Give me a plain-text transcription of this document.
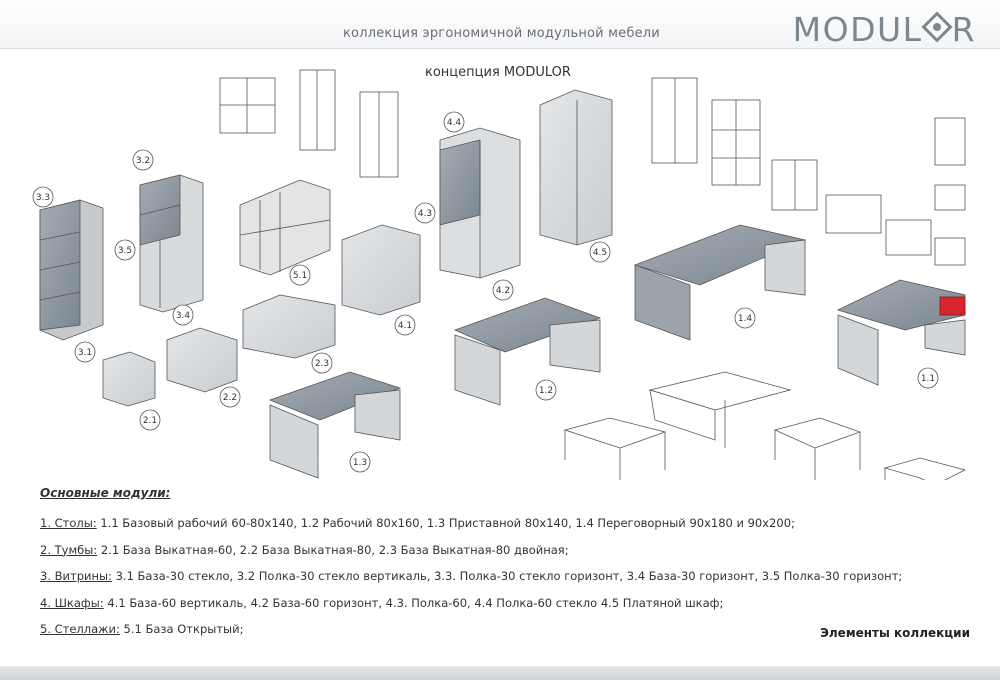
коллекция эргономичной модульной мебели	MODUL R
концепция MODULOR
3.3
3.2
3.5
3.1
3.4
2.1
2.2
2.3
5.1
4.1
4.4
4.3
4.2
4.5
1.2
1.3
1.4
1.1
Основные модули:
1. Столы: 1.1 Базовый рабочий 60-80х140, 1.2 Рабочий 80х160, 1.3 Приставной 80х140, 1.4 Переговорный 90х180 и 90х200;
2. Тумбы: 2.1 База Выкатная-60, 2.2 База Выкатная-80, 2.3 База Выкатная-80 двойная;
3. Витрины: 3.1 База-30 стекло, 3.2 Полка-30 стекло вертикаль, 3.3. Полка-30 стекло горизонт, 3.4 База-30 горизонт, 3.5 Полка-30 горизонт;
4. Шкафы: 4.1 База-60 вертикаль, 4.2 База-60 горизонт, 4.3. Полка-60, 4.4 Полка-60 стекло 4.5 Платяной шкаф;
5. Стеллажи: 5.1 База Открытый;	Элементы коллекции
